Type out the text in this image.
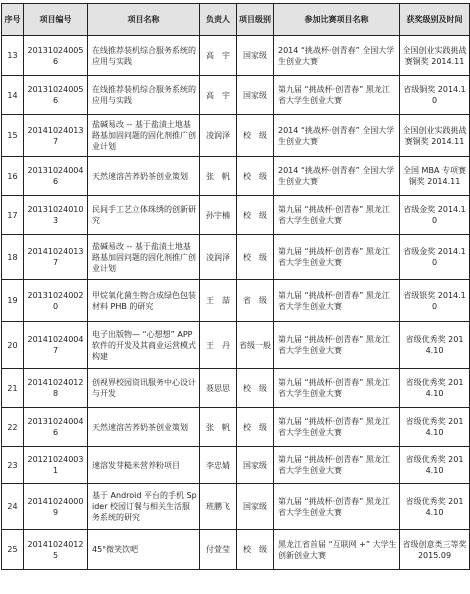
序号	项目编号	项目名称	负责人	项目级别	参加比赛项目名称	获奖级别及时间
13	201310240056	在线推荐装机综合服务系统的应用与实践	高　宇	国家级	2014 “挑战杯·创青春” 全国大学生创业大赛	全国创业实践挑战赛铜奖 2014.11
14	201310240056	在线推荐装机综合服务系统的应用与实践	高　宇	国家级	第九届 “挑战杯·创青春” 黑龙江省大学生创业大赛	省级铜奖 2014.10
15	201410240137	盐碱易改 -- 基于盐渍土地基路基加固问题的固化剂推广创业计划	凌润泽	校　级	2014 “挑战杯·创青春” 全国大学生创业大赛	全国创业实践挑战赛铜奖 2014.11
16	201310240046	天然速溶苦荞奶茶创业策划	张　帆	校　级	2014 “挑战杯·创青春” 全国大学生创业大赛	全国 MBA 专项赛铜奖 2014.11
17	201310240103	民间手工艺立体珠绣的创新研究	孙宇楠	校　级	第九届 “挑战杯·创青春” 黑龙江省大学生创业大赛	省级金奖 2014.10
18	201410240137	盐碱易改 -- 基于盐渍土地基路基加固问题的固化剂推广创业计划	凌润泽	校　级	第九届 “挑战杯·创青春” 黑龙江省大学生创业大赛	省级金奖 2014.10
19	201310240020	甲烷氧化菌生物合成绿色包装材料 PHB 的研究	王　喆	省　级	第九届 “挑战杯·创青春” 黑龙江省大学生创业大赛	省级银奖 2014.10
20	201410240047	电子出版物— “心想想” APP 软件的开发及其商业运营模式构建	王　丹	省级一般	第九届 “挑战杯·创青春” 黑龙江省大学生创业大赛	省级优秀奖 2014.10
21	201410240128	创视界校园资讯服务中心设计与开发	聂思思	校　级	第九届 “挑战杯·创青春” 黑龙江省大学生创业大赛	省级优秀奖 2014.10
22	201310240046	天然速溶苦荞奶茶创业策划	张　帆	校　级	第九届 “挑战杯·创青春” 黑龙江省大学生创业大赛	省级优秀奖 2014.10
23	201210240031	速溶发芽糙米营养粉项目	李忠婧	国家级	第九届 “挑战杯·创青春” 黑龙江省大学生创业大赛	省级优秀奖 2014.10
24	201410240009	基于 Android 平台的手机 Spider 校园订餐与相关生活服务系统的研究	班鹏飞	国家级	第九届 “挑战杯·创青春” 黑龙江省大学生创业大赛	省级优秀奖 2014.10
25	201410240125	45°微笑饮吧	付萱莹	校　级	黑龙江省首届 “互联网 +” 大学生创新创业大赛	省级创意类三等奖 2015.09
